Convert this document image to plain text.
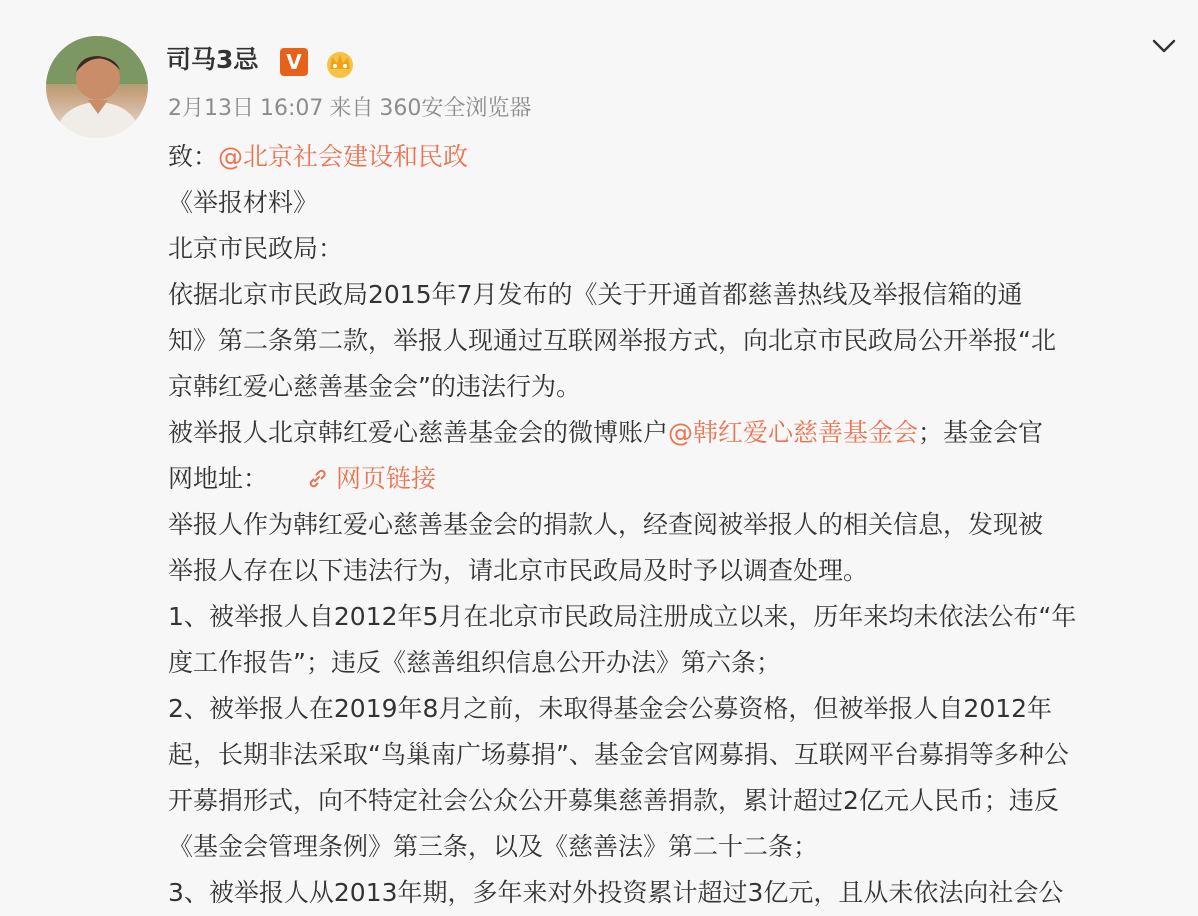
司马3忌	V
2月13日 16:07 来自 360安全浏览器
致：@北京社会建设和民政
《举报材料》
北京市民政局：
依据北京市民政局2015年7月发布的《关于开通首都慈善热线及举报信箱的通
知》第二条第二款，举报人现通过互联网举报方式，向北京市民政局公开举报“北
京韩红爱心慈善基金会”的违法行为。
被举报人北京韩红爱心慈善基金会的微博账户@韩红爱心慈善基金会；基金会官
网地址：	网页链接
举报人作为韩红爱心慈善基金会的捐款人，经查阅被举报人的相关信息，发现被
举报人存在以下违法行为，请北京市民政局及时予以调查处理。
1、被举报人自2012年5月在北京市民政局注册成立以来，历年来均未依法公布“年
度工作报告”；违反《慈善组织信息公开办法》第六条；
2、被举报人在2019年8月之前，未取得基金会公募资格，但被举报人自2012年
起，长期非法采取“鸟巢南广场募捐”、基金会官网募捐、互联网平台募捐等多种公
开募捐形式，向不特定社会公众公开募集慈善捐款，累计超过2亿元人民币；违反
《基金会管理条例》第三条，以及《慈善法》第二十二条；
3、被举报人从2013年期，多年来对外投资累计超过3亿元，且从未依法向社会公
